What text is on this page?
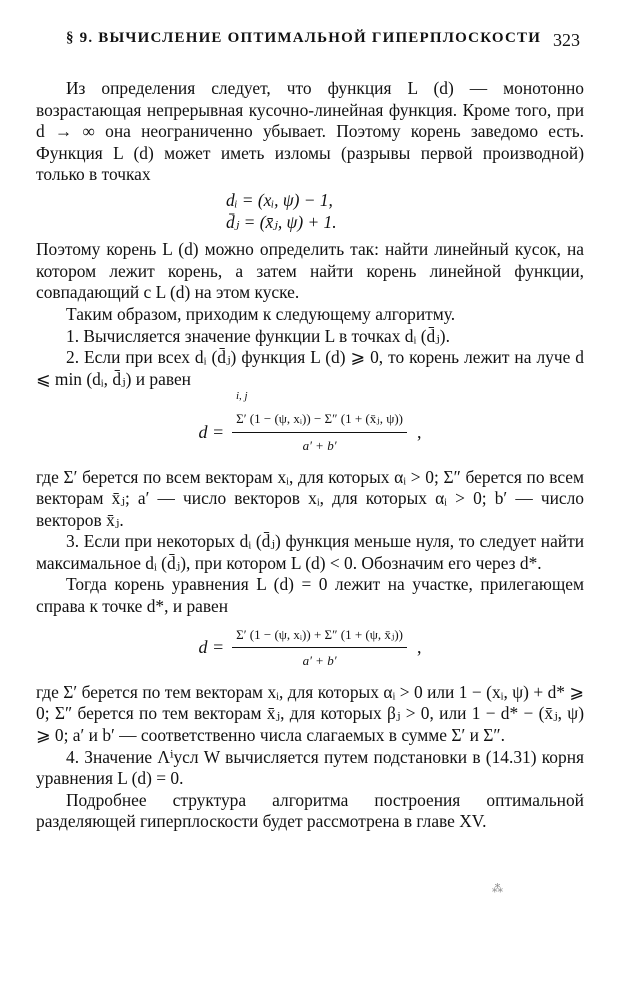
§ 9. ВЫЧИСЛЕНИЕ ОПТИМАЛЬНОЙ ГИПЕРПЛОСКОСТИ 323

Из определения следует, что функция L (d) — монотонно возрастающая непрерывная кусочно-линейная функция. Кроме того, при d → ∞ она неограниченно убывает. Поэтому корень заведомо есть. Функция L (d) может иметь изломы (разрывы первой производной) только в точках

dᵢ = (xᵢ, ψ) − 1,
d̄ⱼ = (x̄ⱼ, ψ) + 1.

Поэтому корень L (d) можно определить так: найти линейный кусок, на котором лежит корень, а затем найти корень линейной функции, совпадающий с L (d) на этом куске.

Таким образом, приходим к следующему алгоритму.

1. Вычисляется значение функции L в точках dᵢ (d̄ⱼ).

2. Если при всех dᵢ (d̄ⱼ) функция L (d) ⩾ 0, то корень лежит на луче d ⩽ min (dᵢ, d̄ⱼ) и равен

i, j
$d = \frac{\text{Σ′ (1 − (ψ, xᵢ)) − Σ″ (1 + (x̄ⱼ, ψ))}}{a' + b'}$ ,

где Σ′ берется по всем векторам xᵢ, для которых αᵢ > 0; Σ″ берется по всем векторам x̄ⱼ; a′ — число векторов xᵢ, для которых αᵢ > 0; b′ — число векторов x̄ⱼ.

3. Если при некоторых dᵢ (d̄ⱼ) функция меньше нуля, то следует найти максимальное dᵢ (d̄ⱼ), при котором L (d) < 0. Обозначим его через d*.

Тогда корень уравнения L (d) = 0 лежит на участке, прилегающем справа к точке d*, и равен

$d = \frac{\text{Σ′ (1 − (ψ, xᵢ)) + Σ″ (1 + (ψ, x̄ⱼ))}}{a' + b'}$ ,

где Σ′ берется по тем векторам xᵢ, для которых αᵢ > 0 или 1 − (xᵢ, ψ) + d* ⩾ 0; Σ″ берется по тем векторам x̄ⱼ, для которых βⱼ > 0, или 1 − d* − (x̄ⱼ, ψ) ⩾ 0; a′ и b′ — соответственно числа слагаемых в сумме Σ′ и Σ″.

4. Значение Λⁱусл W вычисляется путем подстановки в (14.31) корня уравнения L (d) = 0.

Подробнее структура алгоритма построения оптимальной разделяющей гиперплоскости будет рассмотрена в главе XV.

⁂
